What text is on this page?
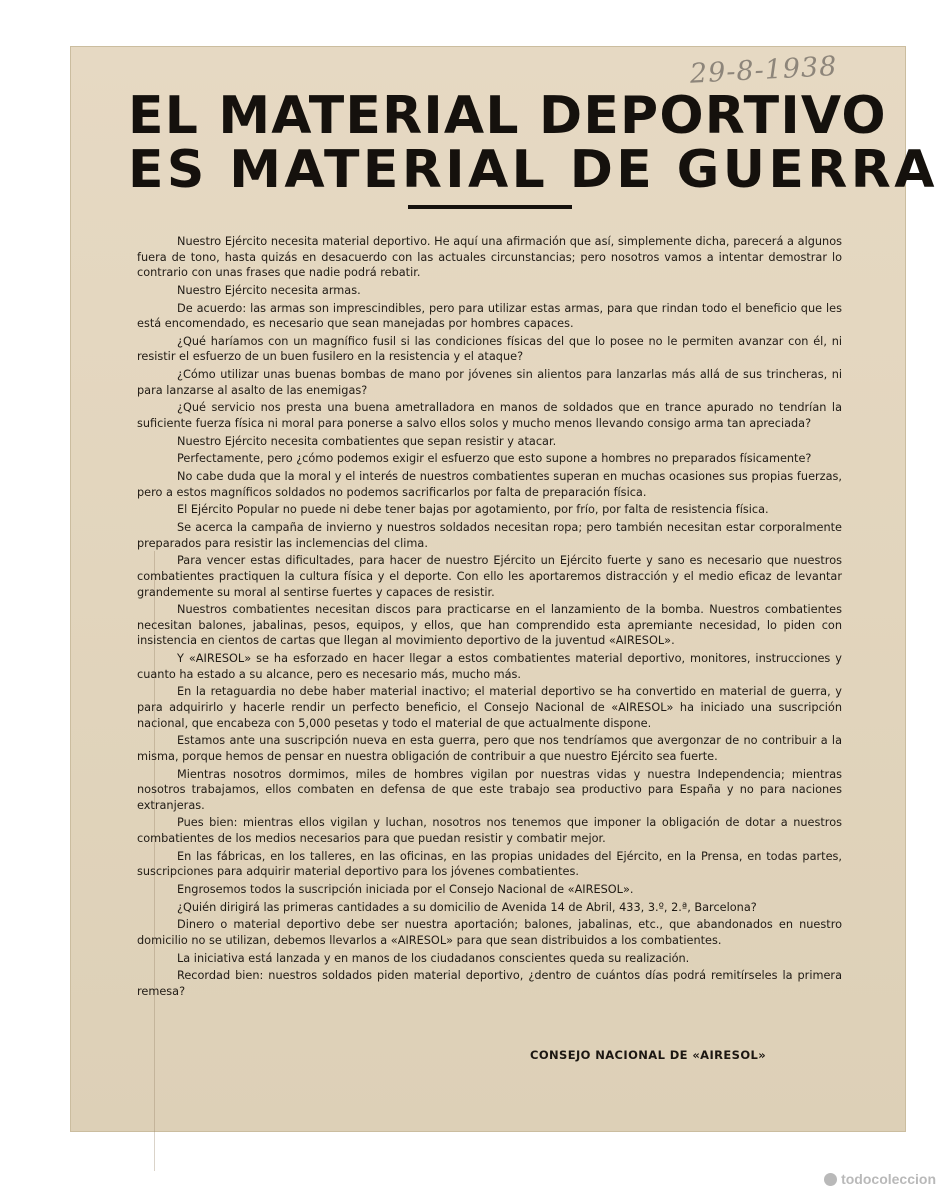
29-8-1938
EL MATERIAL DEPORTIVO
ES MATERIAL DE GUERRA

Nuestro Ejército necesita material deportivo. He aquí una afirmación que así, simplemente dicha, parecerá a algunos fuera de tono, hasta quizás en desacuerdo con las actuales circunstancias; pero nosotros vamos a intentar demostrar lo contrario con unas frases que nadie podrá rebatir.

Nuestro Ejército necesita armas.

De acuerdo: las armas son imprescindibles, pero para utilizar estas armas, para que rindan todo el beneficio que les está encomendado, es necesario que sean manejadas por hombres capaces.

¿Qué haríamos con un magnífico fusil si las condiciones físicas del que lo posee no le permiten avanzar con él, ni resistir el esfuerzo de un buen fusilero en la resistencia y el ataque?

¿Cómo utilizar unas buenas bombas de mano por jóvenes sin alientos para lanzarlas más allá de sus trincheras, ni para lanzarse al asalto de las enemigas?

¿Qué servicio nos presta una buena ametralladora en manos de soldados que en trance apurado no tendrían la suficiente fuerza física ni moral para ponerse a salvo ellos solos y mucho menos llevando consigo arma tan apreciada?

Nuestro Ejército necesita combatientes que sepan resistir y atacar.

Perfectamente, pero ¿cómo podemos exigir el esfuerzo que esto supone a hombres no preparados físicamente?

No cabe duda que la moral y el interés de nuestros combatientes superan en muchas ocasiones sus propias fuerzas, pero a estos magníficos soldados no podemos sacrificarlos por falta de preparación física.

El Ejército Popular no puede ni debe tener bajas por agotamiento, por frío, por falta de resistencia física.

Se acerca la campaña de invierno y nuestros soldados necesitan ropa; pero también necesitan estar corporalmente preparados para resistir las inclemencias del clima.

Para vencer estas dificultades, para hacer de nuestro Ejército un Ejército fuerte y sano es necesario que nuestros combatientes practiquen la cultura física y el deporte. Con ello les aportaremos distracción y el medio eficaz de levantar grandemente su moral al sentirse fuertes y capaces de resistir.

Nuestros combatientes necesitan discos para practicarse en el lanzamiento de la bomba. Nuestros combatientes necesitan balones, jabalinas, pesos, equipos, y ellos, que han comprendido esta apremiante necesidad, lo piden con insistencia en cientos de cartas que llegan al movimiento deportivo de la juventud «AIRESOL».

Y «AIRESOL» se ha esforzado en hacer llegar a estos combatientes material deportivo, monitores, instrucciones y cuanto ha estado a su alcance, pero es necesario más, mucho más.

En la retaguardia no debe haber material inactivo; el material deportivo se ha convertido en material de guerra, y para adquirirlo y hacerle rendir un perfecto beneficio, el Consejo Nacional de «AIRESOL» ha iniciado una suscripción nacional, que encabeza con 5,000 pesetas y todo el material de que actualmente dispone.

Estamos ante una suscripción nueva en esta guerra, pero que nos tendríamos que avergonzar de no contribuir a la misma, porque hemos de pensar en nuestra obligación de contribuir a que nuestro Ejército sea fuerte.

Mientras nosotros dormimos, miles de hombres vigilan por nuestras vidas y nuestra Independencia; mientras nosotros trabajamos, ellos combaten en defensa de que este trabajo sea productivo para España y no para naciones extranjeras.

Pues bien: mientras ellos vigilan y luchan, nosotros nos tenemos que imponer la obligación de dotar a nuestros combatientes de los medios necesarios para que puedan resistir y combatir mejor.

En las fábricas, en los talleres, en las oficinas, en las propias unidades del Ejército, en la Prensa, en todas partes, suscripciones para adquirir material deportivo para los jóvenes combatientes.

Engrosemos todos la suscripción iniciada por el Consejo Nacional de «AIRESOL».

¿Quién dirigirá las primeras cantidades a su domicilio de Avenida 14 de Abril, 433, 3.º, 2.ª, Barcelona?

Dinero o material deportivo debe ser nuestra aportación; balones, jabalinas, etc., que abandonados en nuestro domicilio no se utilizan, debemos llevarlos a «AIRESOL» para que sean distribuidos a los combatientes.

La iniciativa está lanzada y en manos de los ciudadanos conscientes queda su realización.

Recordad bien: nuestros soldados piden material deportivo, ¿dentro de cuántos días podrá remitírseles la primera remesa?

CONSEJO NACIONAL DE «AIRESOL»
todocoleccion
